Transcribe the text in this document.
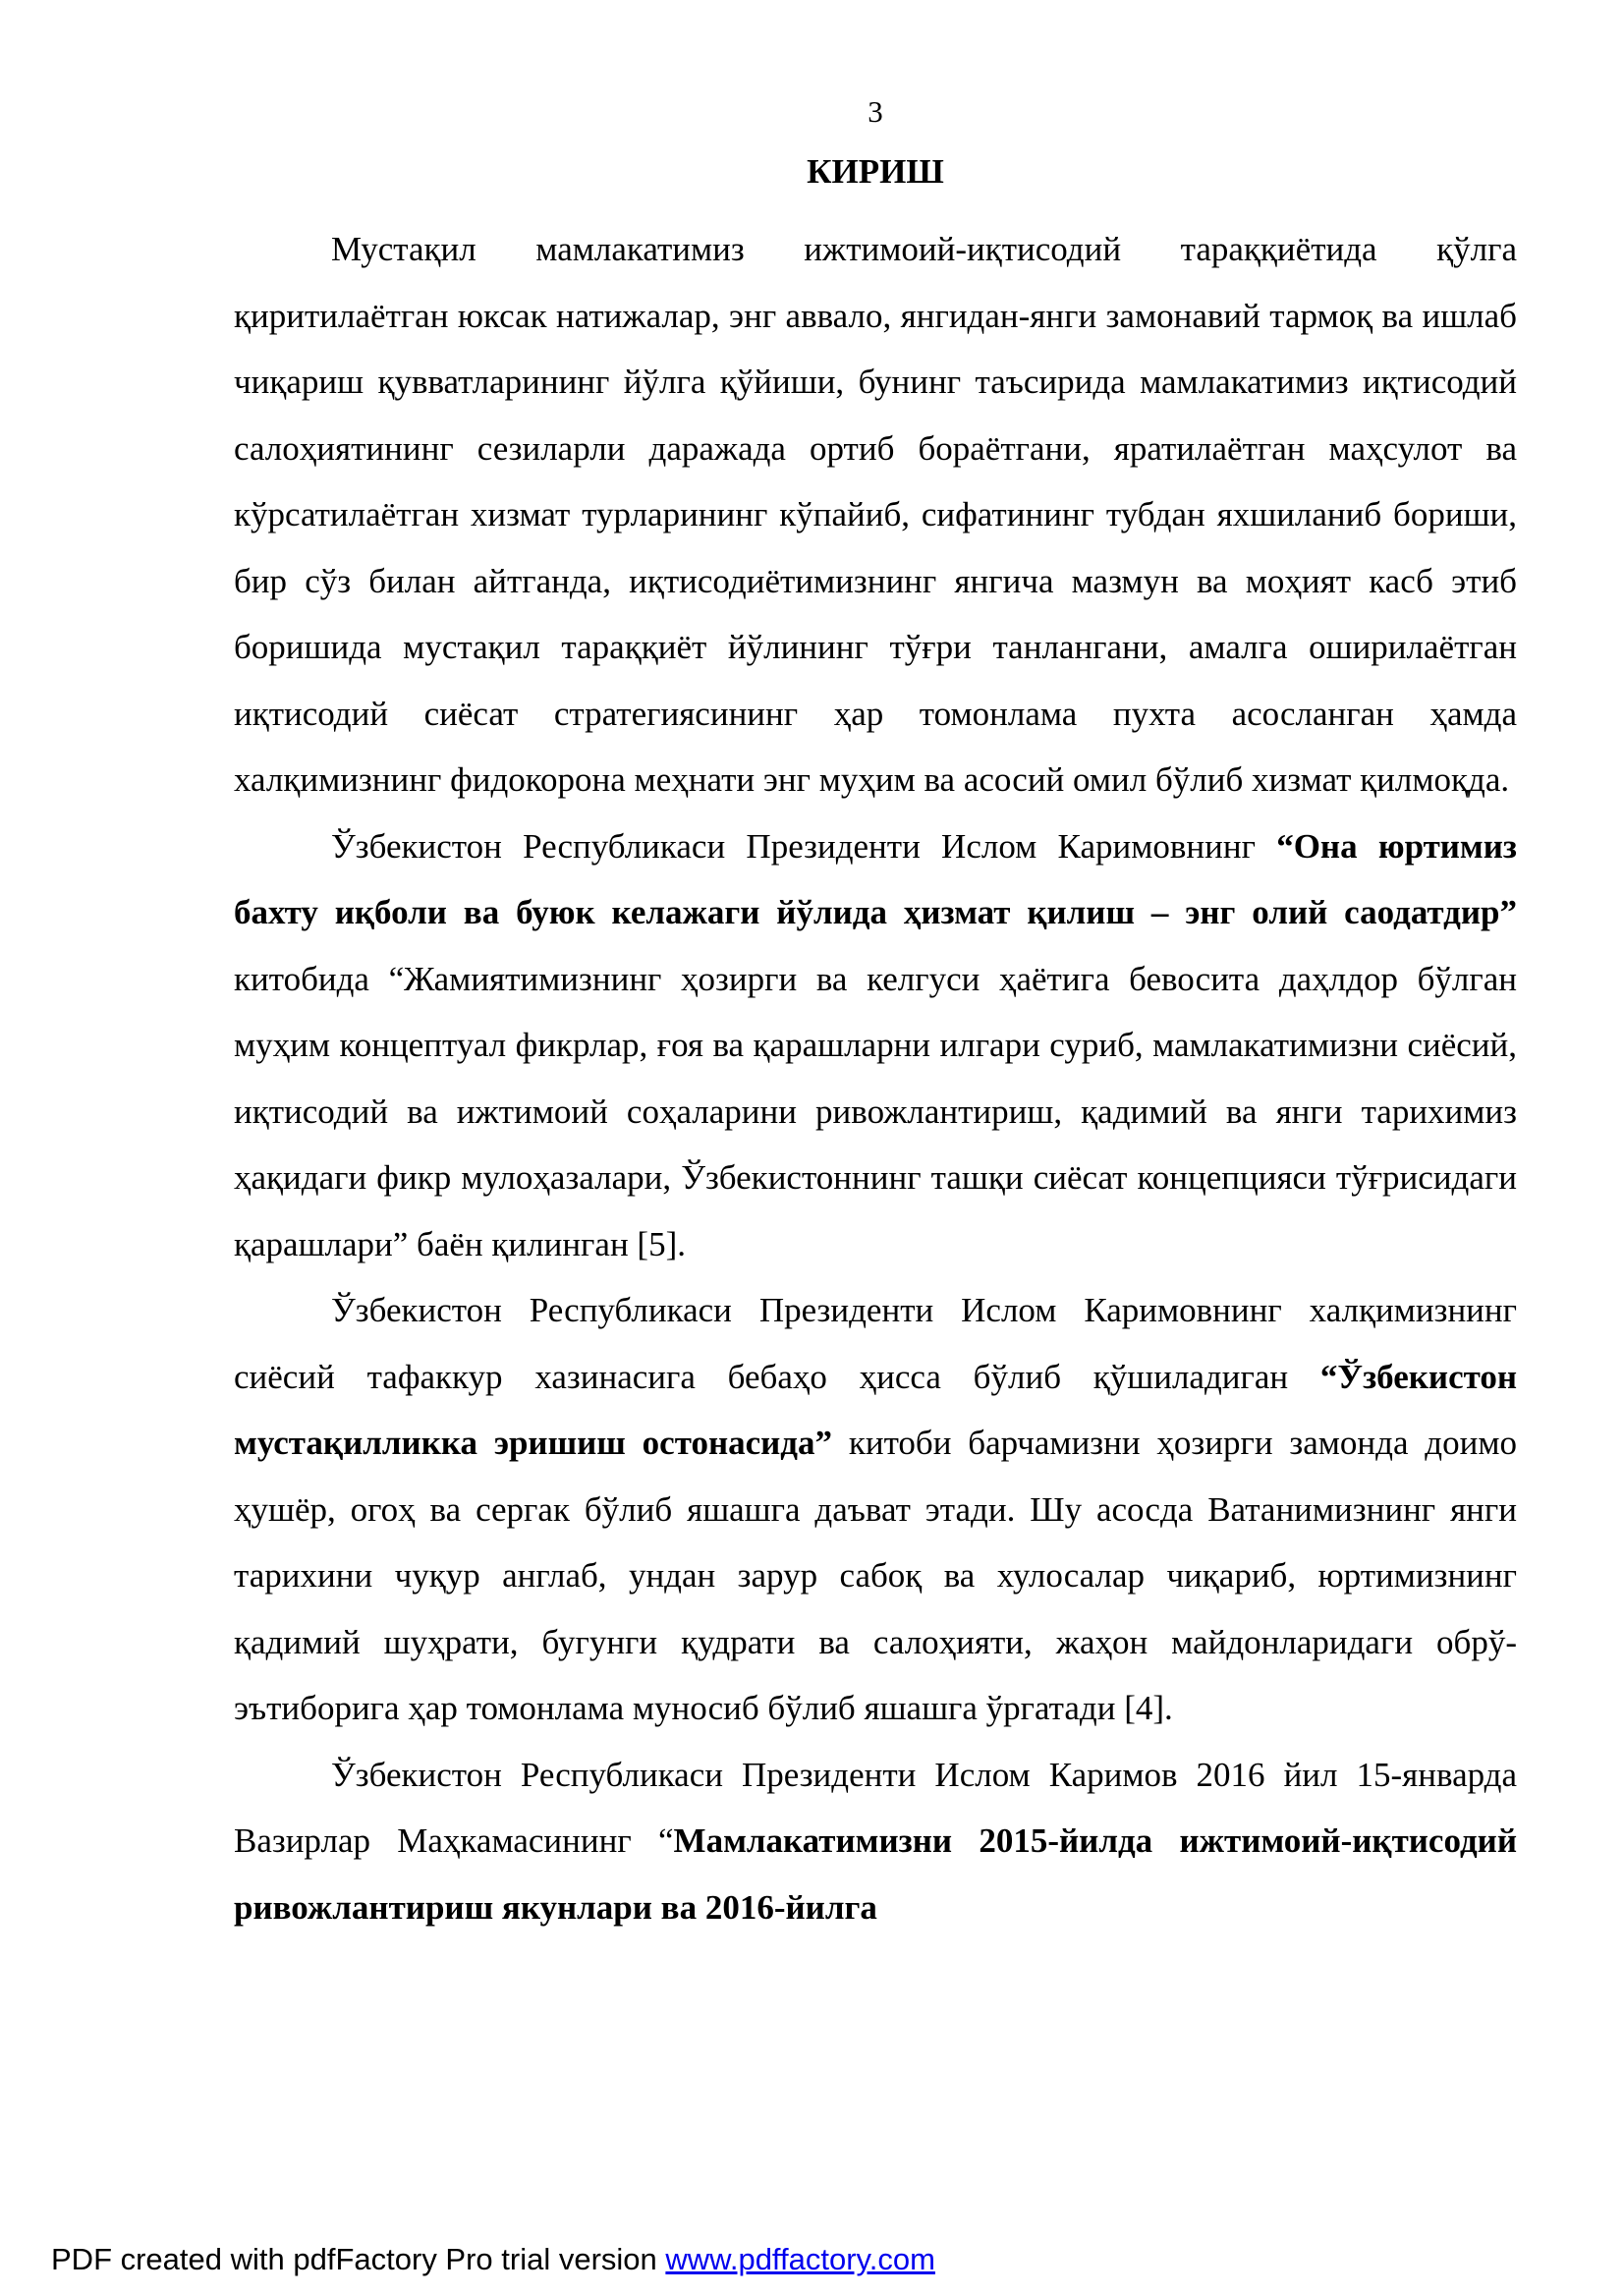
3
КИРИШ

Мустақил мамлакатимиз ижтимоий-иқтисодий тараққиётида қўлга қиритилаётган юксак натижалар, энг аввало, янгидан-янги замонавий тармоқ ва ишлаб чиқариш қувватларининг йўлга қўйиши, бунинг таъсирида мамлакатимиз иқтисодий салоҳиятининг сезиларли даражада ортиб бораётгани, яратилаётган маҳсулот ва кўрсатилаётган хизмат турларининг кўпайиб, сифатининг тубдан яхшиланиб бориши, бир сўз билан айтганда, иқтисодиётимизнинг янгича мазмун ва моҳият касб этиб боришида мустақил тараққиёт йўлининг тўғри танлангани, амалга оширилаётган иқтисодий сиёсат стратегиясининг ҳар томонлама пухта асосланган ҳамда халқимизнинг фидокорона меҳнати энг муҳим ва асосий омил бўлиб хизмат қилмоқда.

Ўзбекистон Республикаси Президенти Ислом Каримовнинг “Она юртимиз бахту иқболи ва буюк келажаги йўлида ҳизмат қилиш – энг олий саодатдир” китобида “Жамиятимизнинг ҳозирги ва келгуси ҳаётига бевосита даҳлдор бўлган муҳим концептуал фикрлар, ғоя ва қарашларни илгари суриб, мамлакатимизни сиёсий, иқтисодий ва ижтимоий соҳаларини ривожлантириш, қадимий ва янги тарихимиз ҳақидаги фикр мулоҳазалари, Ўзбекистоннинг ташқи сиёсат концепцияси тўғрисидаги қарашлари” баён қилинган [5].

Ўзбекистон Республикаси Президенти Ислом Каримовнинг халқимизнинг сиёсий тафаккур хазинасига бебаҳо ҳисса бўлиб қўшиладиган “Ўзбекистон мустақилликка эришиш остонасида” китоби барчамизни ҳозирги замонда доимо ҳушёр, огоҳ ва сергак бўлиб яшашга даъват этади. Шу асосда Ватанимизнинг янги тарихини чуқур англаб, ундан зарур сабоқ ва хулосалар чиқариб, юртимизнинг қадимий шуҳрати, бугунги қудрати ва салоҳияти, жаҳон майдонларидаги обрў-эътиборига ҳар томонлама муносиб бўлиб яшашга ўргатади [4].

Ўзбекистон Республикаси Президенти Ислом Каримов 2016 йил 15-январда Вазирлар Маҳкамасининг “Мамлакатимизни 2015-йилда ижтимоий-иқтисодий ривожлантириш якунлари ва 2016-йилга

PDF created with pdfFactory Pro trial version www.pdffactory.com
